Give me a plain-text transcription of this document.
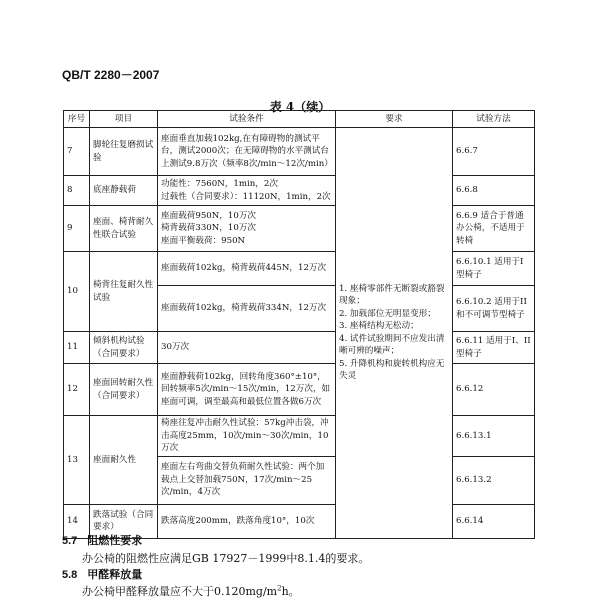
QB/T 2280－2007
表 4（续）
序号	项目	试验条件	要求	试验方法
7	脚轮往复磨损试验	座面垂直加载102kg,在有障碍物的测试平台，测试2000次；在无障碍物的水平测试台上测试9.8万次（频率8次/min～12次/min）	1. 座椅零部件无断裂或豁裂现象；
2. 加载部位无明显变形；
3. 座椅结构无松动；
4. 试件试验期间不应发出清晰可辨的噪声；
5. 升降机构和旋转机构应无失灵	6.6.7
8	底座静载荷	功能性：7560N，1min，2次
过载性（合同要求）：11120N，1min，2次		6.6.8
9	座面、椅背耐久性联合试验	座面载荷950N，10万次
椅背载荷330N，10万次
座面平衡载荷：950N		6.6.9 适合于普通办公椅，不适用于转椅
10	椅背往复耐久性试验	座面载荷102kg，椅背载荷445N，12万次		6.6.10.1 适用于I型椅子
		座面载荷102kg，椅背载荷334N，12万次		6.6.10.2 适用于II 和不可调节型椅子
11	倾斜机构试验（合同要求）	30万次		6.6.11 适用于I、II 型椅子
12	座面回转耐久性（合同要求）	座面静载荷102kg，回转角度360°±10°，回转频率5次/min～15次/min，12万次，如座面可调，调至最高和最低位置各做6万次		6.6.12
13	座面耐久性	椅座往复冲击耐久性试验：57kg冲击袋，冲击高度25mm，10次/min～30次/min，10万次		6.6.13.1
		座面左右弯曲交替负荷耐久性试验：两个加载点上交替加载750N，17次/min～25次/min，4万次		6.6.13.2
14	跌落试验（合同要求）	跌落高度200mm，跌落角度10°，10次		6.6.14
5.7 阻燃性要求
办公椅的阻燃性应满足GB 17927－1999中8.1.4的要求。
5.8 甲醛释放量
办公椅甲醛释放量应不大于$0.120mg/m^2h$。
